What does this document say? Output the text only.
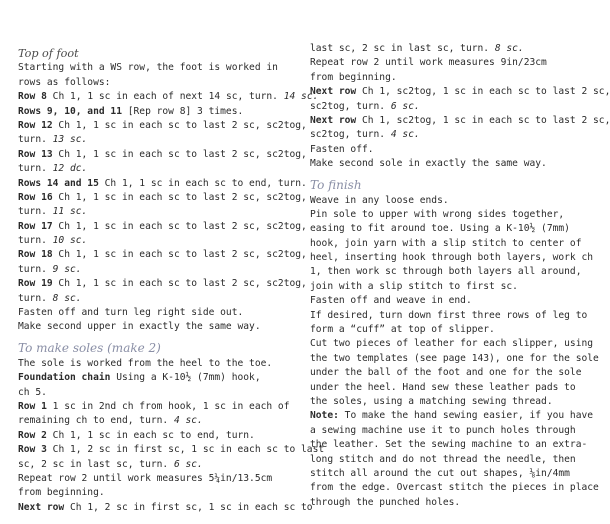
Top of foot
Starting with a WS row, the foot is worked in
rows as follows:
Row 8 Ch 1, 1 sc in each of next 14 sc, turn. 14 sc.
Rows 9, 10, and 11 [Rep row 8] 3 times.
Row 12 Ch 1, 1 sc in each sc to last 2 sc, sc2tog,
turn. 13 sc.
Row 13 Ch 1, 1 sc in each sc to last 2 sc, sc2tog,
turn. 12 dc.
Rows 14 and 15 Ch 1, 1 sc in each sc to end, turn.
Row 16 Ch 1, 1 sc in each sc to last 2 sc, sc2tog,
turn. 11 sc.
Row 17 Ch 1, 1 sc in each sc to last 2 sc, sc2tog,
turn. 10 sc.
Row 18 Ch 1, 1 sc in each sc to last 2 sc, sc2tog,
turn. 9 sc.
Row 19 Ch 1, 1 sc in each sc to last 2 sc, sc2tog,
turn. 8 sc.
Fasten off and turn leg right side out.
Make second upper in exactly the same way.
To make soles (make 2)
The sole is worked from the heel to the toe.
Foundation chain Using a K-10½ (7mm) hook,
ch 5.
Row 1 1 sc in 2nd ch from hook, 1 sc in each of
remaining ch to end, turn. 4 sc.
Row 2 Ch 1, 1 sc in each sc to end, turn.
Row 3 Ch 1, 2 sc in first sc, 1 sc in each sc to last
sc, 2 sc in last sc, turn. 6 sc.
Repeat row 2 until work measures 5¼in/13.5cm
from beginning.
Next row Ch 1, 2 sc in first sc, 1 sc in each sc to
last sc, 2 sc in last sc, turn. 8 sc.
Repeat row 2 until work measures 9in/23cm
from beginning.
Next row Ch 1, sc2tog, 1 sc in each sc to last 2 sc,
sc2tog, turn. 6 sc.
Next row Ch 1, sc2tog, 1 sc in each sc to last 2 sc,
sc2tog, turn. 4 sc.
Fasten off.
Make second sole in exactly the same way.
To finish
Weave in any loose ends.
Pin sole to upper with wrong sides together,
easing to fit around toe. Using a K-10½ (7mm)
hook, join yarn with a slip stitch to center of
heel, inserting hook through both layers, work ch
1, then work sc through both layers all around,
join with a slip stitch to first sc.
Fasten off and weave in end.
If desired, turn down first three rows of leg to
form a “cuff” at top of slipper.
Cut two pieces of leather for each slipper, using
the two templates (see page 143), one for the sole
under the ball of the foot and one for the sole
under the heel. Hand sew these leather pads to
the soles, using a matching sewing thread.
Note: To make the hand sewing easier, if you have
a sewing machine use it to punch holes through
the leather. Set the sewing machine to an extra-
long stitch and do not thread the needle, then
stitch all around the cut out shapes, ⅛in/4mm
from the edge. Overcast stitch the pieces in place
through the punched holes.
